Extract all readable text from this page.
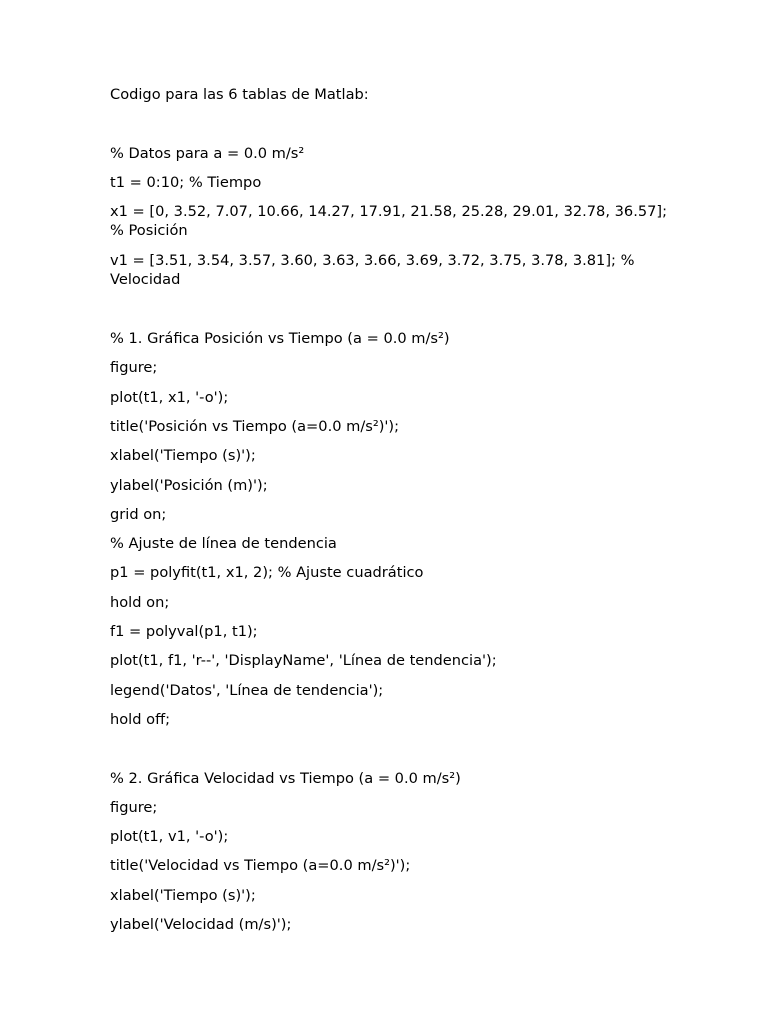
Codigo para las 6 tablas de Matlab:
% Datos para a = 0.0 m/s²
t1 = 0:10; % Tiempo
x1 = [0, 3.52, 7.07, 10.66, 14.27, 17.91, 21.58, 25.28, 29.01, 32.78, 36.57]; % Posición
v1 = [3.51, 3.54, 3.57, 3.60, 3.63, 3.66, 3.69, 3.72, 3.75, 3.78, 3.81]; % Velocidad
% 1. Gráfica Posición vs Tiempo (a = 0.0 m/s²)
figure;
plot(t1, x1, '-o');
title('Posición vs Tiempo (a=0.0 m/s²)');
xlabel('Tiempo (s)');
ylabel('Posición (m)');
grid on;
% Ajuste de línea de tendencia
p1 = polyfit(t1, x1, 2); % Ajuste cuadrático
hold on;
f1 = polyval(p1, t1);
plot(t1, f1, 'r--', 'DisplayName', 'Línea de tendencia');
legend('Datos', 'Línea de tendencia');
hold off;
% 2. Gráfica Velocidad vs Tiempo (a = 0.0 m/s²)
figure;
plot(t1, v1, '-o');
title('Velocidad vs Tiempo (a=0.0 m/s²)');
xlabel('Tiempo (s)');
ylabel('Velocidad (m/s)');
